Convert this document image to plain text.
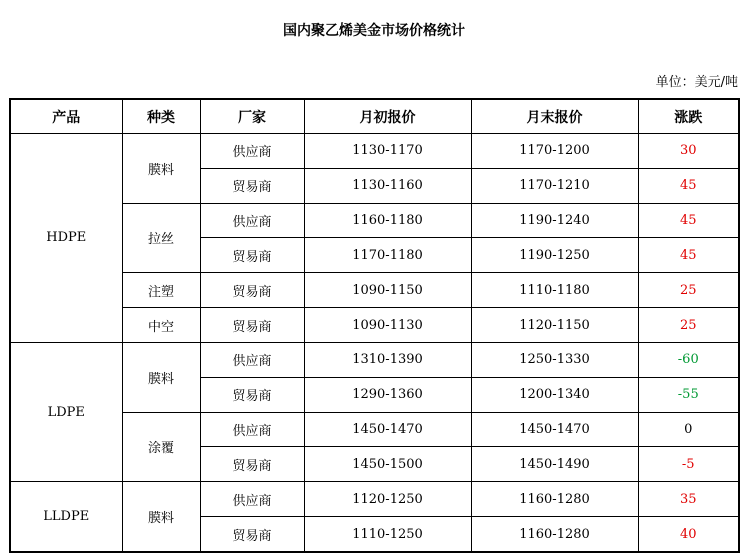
国内聚乙烯美金市场价格统计
单位：美元/吨
产品	种类	厂家	月初报价	月末报价	涨跌
HDPE	膜料	供应商	1130-1170	1170-1200	30
		贸易商	1130-1160	1170-1210	45
	拉丝	供应商	1160-1180	1190-1240	45
		贸易商	1170-1180	1190-1250	45
	注塑	贸易商	1090-1150	1110-1180	25
	中空	贸易商	1090-1130	1120-1150	25
LDPE	膜料	供应商	1310-1390	1250-1330	-60
		贸易商	1290-1360	1200-1340	-55
	涂覆	供应商	1450-1470	1450-1470	0
		贸易商	1450-1500	1450-1490	-5
LLDPE	膜料	供应商	1120-1250	1160-1280	35
		贸易商	1110-1250	1160-1280	40
